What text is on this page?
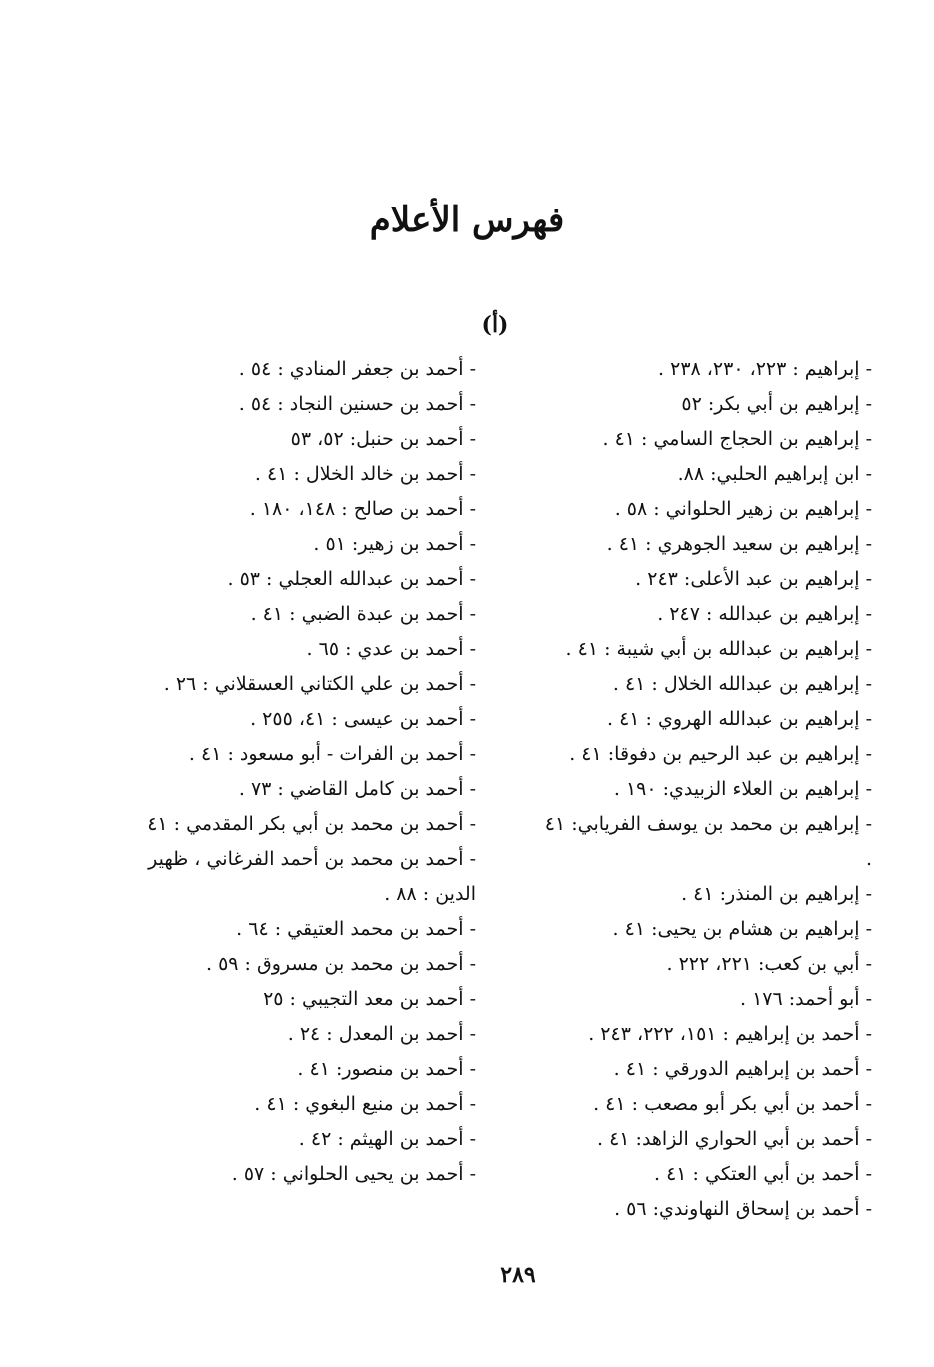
فهرس الأعلام
(أ)
- إبراهيم : ٢٢٣، ٢٣٠، ٢٣٨ .
- إبراهيم بن أبي بكر: ٥٢
- إبراهيم بن الحجاج السامي : ٤١ .
- ابن إبراهيم الحلبي: ٨٨.
- إبراهيم بن زهير الحلواني : ٥٨ .
- إبراهيم بن سعيد الجوهري : ٤١ .
- إبراهيم بن عبد الأعلى: ٢٤٣ .
- إبراهيم بن عبدالله : ٢٤٧ .
- إبراهيم بن عبدالله بن أبي شيبة : ٤١ .
- إبراهيم بن عبدالله الخلال : ٤١ .
- إبراهيم بن عبدالله الهروي : ٤١ .
- إبراهيم بن عبد الرحيم بن دفوقا: ٤١ .
- إبراهيم بن العلاء الزبيدي: ١٩٠ .
- إبراهيم بن محمد بن يوسف الفريابي: ٤١ .
- إبراهيم بن المنذر: ٤١ .
- إبراهيم بن هشام بن يحيى: ٤١ .
- أبي بن كعب: ٢٢١، ٢٢٢ .
- أبو أحمد: ١٧٦ .
- أحمد بن إبراهيم : ١٥١، ٢٢٢، ٢٤٣ .
- أحمد بن إبراهيم الدورقي : ٤١ .
- أحمد بن أبي بكر أبو مصعب : ٤١ .
- أحمد بن أبي الحواري الزاهد: ٤١ .
- أحمد بن أبي العتكي : ٤١ .
- أحمد بن إسحاق النهاوندي: ٥٦ .
- أحمد بن جعفر المنادي : ٥٤ .
- أحمد بن حسنين النجاد : ٥٤ .
- أحمد بن حنبل: ٥٢، ٥٣
- أحمد بن خالد الخلال : ٤١ .
- أحمد بن صالح : ١٤٨، ١٨٠ .
- أحمد بن زهير: ٥١ .
- أحمد بن عبدالله العجلي : ٥٣ .
- أحمد بن عبدة الضبي : ٤١ .
- أحمد بن عدي : ٦٥ .
- أحمد بن علي الكتاني العسقلاني : ٢٦ .
- أحمد بن عيسى : ٤١، ٢٥٥ .
- أحمد بن الفرات - أبو مسعود : ٤١ .
- أحمد بن كامل القاضي : ٧٣ .
- أحمد بن محمد بن أبي بكر المقدمي : ٤١
- أحمد بن محمد بن أحمد الفرغاني ، ظهير الدين : ٨٨ .
- أحمد بن محمد العتيقي : ٦٤ .
- أحمد بن محمد بن مسروق : ٥٩ .
- أحمد بن معد التجيبي : ٢٥
- أحمد بن المعدل : ٢٤ .
- أحمد بن منصور: ٤١ .
- أحمد بن منيع البغوي : ٤١ .
- أحمد بن الهيثم : ٤٢ .
- أحمد بن يحيى الحلواني : ٥٧ .
٢٨٩
